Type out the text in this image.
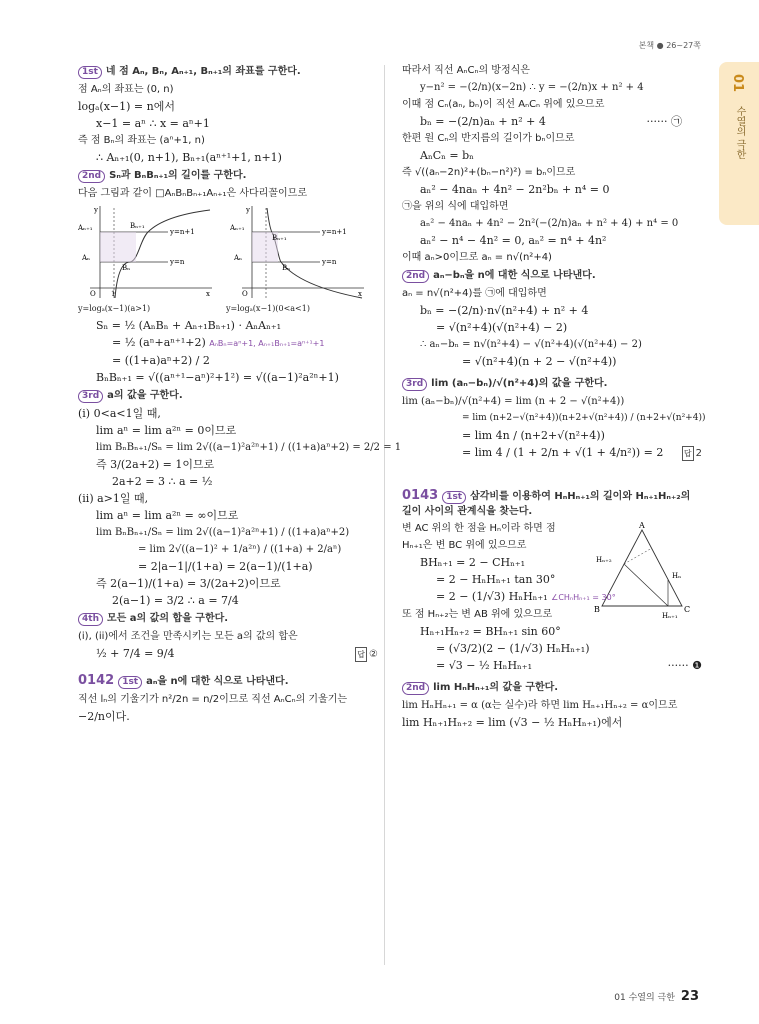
본책 ● 26~27쪽
01
수열의 극한
1st 네 점 Aₙ, Bₙ, Aₙ₊₁, Bₙ₊₁의 좌표를 구한다.
점 Aₙ의 좌표는 (0, n)
logₐ(x−1) = n에서
x−1 = aⁿ ∴ x = aⁿ+1
즉 점 Bₙ의 좌표는 (aⁿ+1, n)
∴ Aₙ₊₁(0, n+1), Bₙ₊₁(aⁿ⁺¹+1, n+1)
2nd Sₙ과 BₙBₙ₊₁의 길이를 구한다.
다음 그림과 같이 □AₙBₙBₙ₊₁Aₙ₊₁은 사다리꼴이므로
Aₙ₊₁	Bₙ₊₁
y=n+1
Aₙ
Bₙ
y=n
O 1	x
y

Aₙ₊₁
Bₙ₊₁
y=n+1
Aₙ
Bₙ
y=n
O	x
y
y=logₐ(x−1)(a>1)	y=logₐ(x−1)(0<a<1)
Sₙ = ½ (AₙBₙ + Aₙ₊₁Bₙ₊₁) · AₙAₙ₊₁
= ½ (aⁿ+aⁿ⁺¹+2) AₙBₙ=aⁿ+1, Aₙ₊₁Bₙ₊₁=aⁿ⁺¹+1
= ((1+a)aⁿ+2) / 2
BₙBₙ₊₁ = √((aⁿ⁺¹−aⁿ)²+1²) = √((a−1)²a²ⁿ+1)
3rd a의 값을 구한다.
(i) 0<a<1일 때,
lim aⁿ = lim a²ⁿ = 0이므로
lim BₙBₙ₊₁/Sₙ = lim 2√((a−1)²a²ⁿ+1) / ((1+a)aⁿ+2) = 2/2 = 1
즉 3/(2a+2) = 1이므로
2a+2 = 3 ∴ a = ½
(ii) a>1일 때,
lim aⁿ = lim a²ⁿ = ∞이므로
lim BₙBₙ₊₁/Sₙ = lim 2√((a−1)²a²ⁿ+1) / ((1+a)aⁿ+2)
= lim 2√((a−1)² + 1/a²ⁿ) / ((1+a) + 2/aⁿ)
= 2|a−1|/(1+a) = 2(a−1)/(1+a)
즉 2(a−1)/(1+a) = 3/(2a+2)이므로
2(a−1) = 3/2 ∴ a = 7/4
4th 모든 a의 값의 합을 구한다.
(i), (ii)에서 조건을 만족시키는 모든 a의 값의 합은
½ + 7/4 = 9/4	답 ②
0142 1st aₙ을 n에 대한 식으로 나타낸다.
직선 lₙ의 기울기가 n²/2n = n/2이므로 직선 AₙCₙ의 기울기는
−2/n이다.
따라서 직선 AₙCₙ의 방정식은
y−n² = −(2/n)(x−2n) ∴ y = −(2/n)x + n² + 4
이때 점 Cₙ(aₙ, bₙ)이 직선 AₙCₙ 위에 있으므로
bₙ = −(2/n)aₙ + n² + 4	······ ㉠
한편 원 Cₙ의 반지름의 길이가 bₙ이므로
AₙCₙ = bₙ
즉 √((aₙ−2n)²+(bₙ−n²)²) = bₙ이므로
aₙ² − 4naₙ + 4n² − 2n²bₙ + n⁴ = 0
㉠을 위의 식에 대입하면
aₙ² − 4naₙ + 4n² − 2n²(−(2/n)aₙ + n² + 4) + n⁴ = 0
aₙ² − n⁴ − 4n² = 0, aₙ² = n⁴ + 4n²
이때 aₙ>0이므로 aₙ = n√(n²+4)
2nd aₙ−bₙ을 n에 대한 식으로 나타낸다.
aₙ = n√(n²+4)를 ㉠에 대입하면
bₙ = −(2/n)·n√(n²+4) + n² + 4
= √(n²+4)(√(n²+4) − 2)
∴ aₙ−bₙ = n√(n²+4) − √(n²+4)(√(n²+4) − 2)
= √(n²+4)(n + 2 − √(n²+4))
3rd lim (aₙ−bₙ)/√(n²+4)의 값을 구한다.
lim (aₙ−bₙ)/√(n²+4) = lim (n + 2 − √(n²+4))
= lim (n+2−√(n²+4))(n+2+√(n²+4)) / (n+2+√(n²+4))
= lim 4n / (n+2+√(n²+4))
= lim 4 / (1 + 2/n + √(1 + 4/n²)) = 2	답 2
0143 1st 삼각비를 이용하여 HₙHₙ₊₁의 길이와 Hₙ₊₁Hₙ₊₂의 길이 사이의 관계식을 찾는다.
A
B	C
Hₙ
Hₙ₊₁
Hₙ₊₂
변 AC 위의 한 점을 Hₙ이라 하면 점
Hₙ₊₁은 변 BC 위에 있으므로
BHₙ₊₁ = 2 − CHₙ₊₁
= 2 − HₙHₙ₊₁ tan 30°
= 2 − (1/√3) HₙHₙ₊₁ ∠CHₙHₙ₊₁ = 30°
또 점 Hₙ₊₂는 변 AB 위에 있으므로
Hₙ₊₁Hₙ₊₂ = BHₙ₊₁ sin 60°
= (√3/2)(2 − (1/√3) HₙHₙ₊₁)
= √3 − ½ HₙHₙ₊₁	······ ❶
2nd lim HₙHₙ₊₁의 값을 구한다.
lim HₙHₙ₊₁ = α (α는 실수)라 하면 lim Hₙ₊₁Hₙ₊₂ = α이므로
lim Hₙ₊₁Hₙ₊₂ = lim (√3 − ½ HₙHₙ₊₁)에서
01 수열의 극한 23
